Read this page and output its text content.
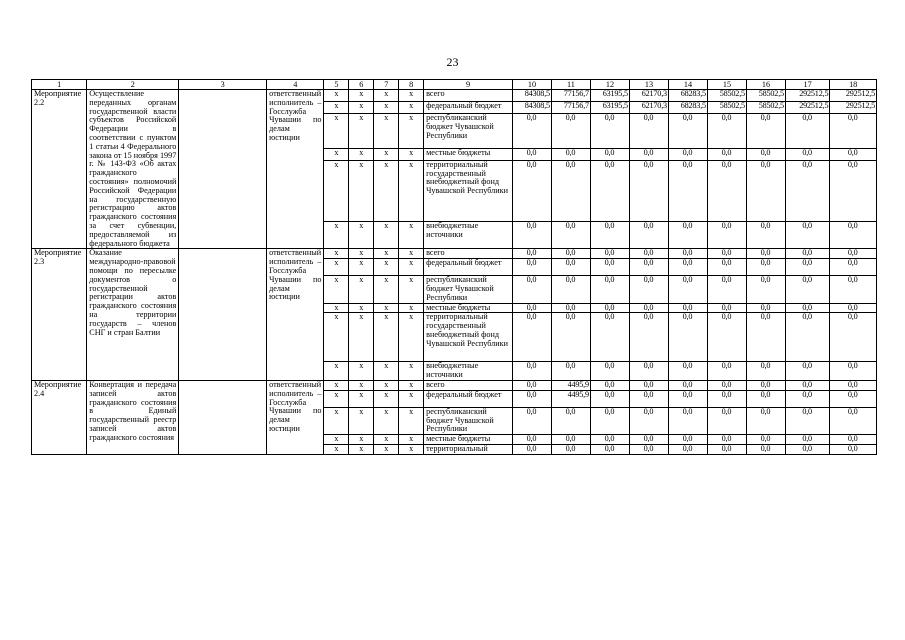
23
1	2	3	4	5	6	7	8	9	10	11	12	13	14	15	16	17	18
Мероприятие 2.2	Осуществление переданных органам государственной власти субъектов Российской Федерации в соответствии с пунктом 1 статьи 4 Федерального закона от 15 ноября 1997 г. № 143-ФЗ «Об актах гражданского состояния» полномочий Российской Федерации на государственную регистрацию актов гражданского состояния за счет субвенции, предоставляемой из федерального бюджета		ответственный исполнитель – Госслужба Чувашии по делам юстиции	x	x	x	x	всего	84308,5	77156,7	63195,5	62170,3	68283,5	58502,5	58502,5	292512,5	292512,5
				x	x	x	x	федеральный бюджет	84308,5	77156,7	63195,5	62170,3	68283,5	58502,5	58502,5	292512,5	292512,5
				x	x	x	x	республиканский бюджет Чувашской Республики	0,0	0,0	0,0	0,0	0,0	0,0	0,0	0,0	0,0
				x	x	x	x	местные бюджеты	0,0	0,0	0,0	0,0	0,0	0,0	0,0	0,0	0,0
				x	x	x	x	территориальный государственный внебюджетный фонд Чувашской Республики	0,0	0,0	0,0	0,0	0,0	0,0	0,0	0,0	0,0
				x	x	x	x	внебюджетные источники	0,0	0,0	0,0	0,0	0,0	0,0	0,0	0,0	0,0
Мероприятие 2.3	Оказание международно-правовой помощи по пересылке документов о государственной регистрации актов гражданского состояния на территории государств – членов СНГ и стран Балтии		ответственный исполнитель – Госслужба Чувашии по делам юстиции	x	x	x	x	всего	0,0	0,0	0,0	0,0	0,0	0,0	0,0	0,0	0,0
				x	x	x	x	федеральный бюджет	0,0	0,0	0,0	0,0	0,0	0,0	0,0	0,0	0,0
				x	x	x	x	республиканский бюджет Чувашской Республики	0,0	0,0	0,0	0,0	0,0	0,0	0,0	0,0	0,0
				x	x	x	x	местные бюджеты	0,0	0,0	0,0	0,0	0,0	0,0	0,0	0,0	0,0
				x	x	x	x	территориальный государственный внебюджетный фонд Чувашской Республики	0,0	0,0	0,0	0,0	0,0	0,0	0,0	0,0	0,0
				x	x	x	x	внебюджетные источники	0,0	0,0	0,0	0,0	0,0	0,0	0,0	0,0	0,0
Мероприятие 2.4	Конвертация и передача записей актов гражданского состояния в Единый государственный реестр записей актов гражданского состояния		ответственный исполнитель – Госслужба Чувашии по делам юстиции	x	x	x	x	всего	0,0	4495,9	0,0	0,0	0,0	0,0	0,0	0,0	0,0
				x	x	x	x	федеральный бюджет	0,0	4495,9	0,0	0,0	0,0	0,0	0,0	0,0	0,0
				x	x	x	x	республиканский бюджет Чувашской Республики	0,0	0,0	0,0	0,0	0,0	0,0	0,0	0,0	0,0
				x	x	x	x	местные бюджеты	0,0	0,0	0,0	0,0	0,0	0,0	0,0	0,0	0,0
				x	x	x	x	территориальный	0,0	0,0	0,0	0,0	0,0	0,0	0,0	0,0	0,0
